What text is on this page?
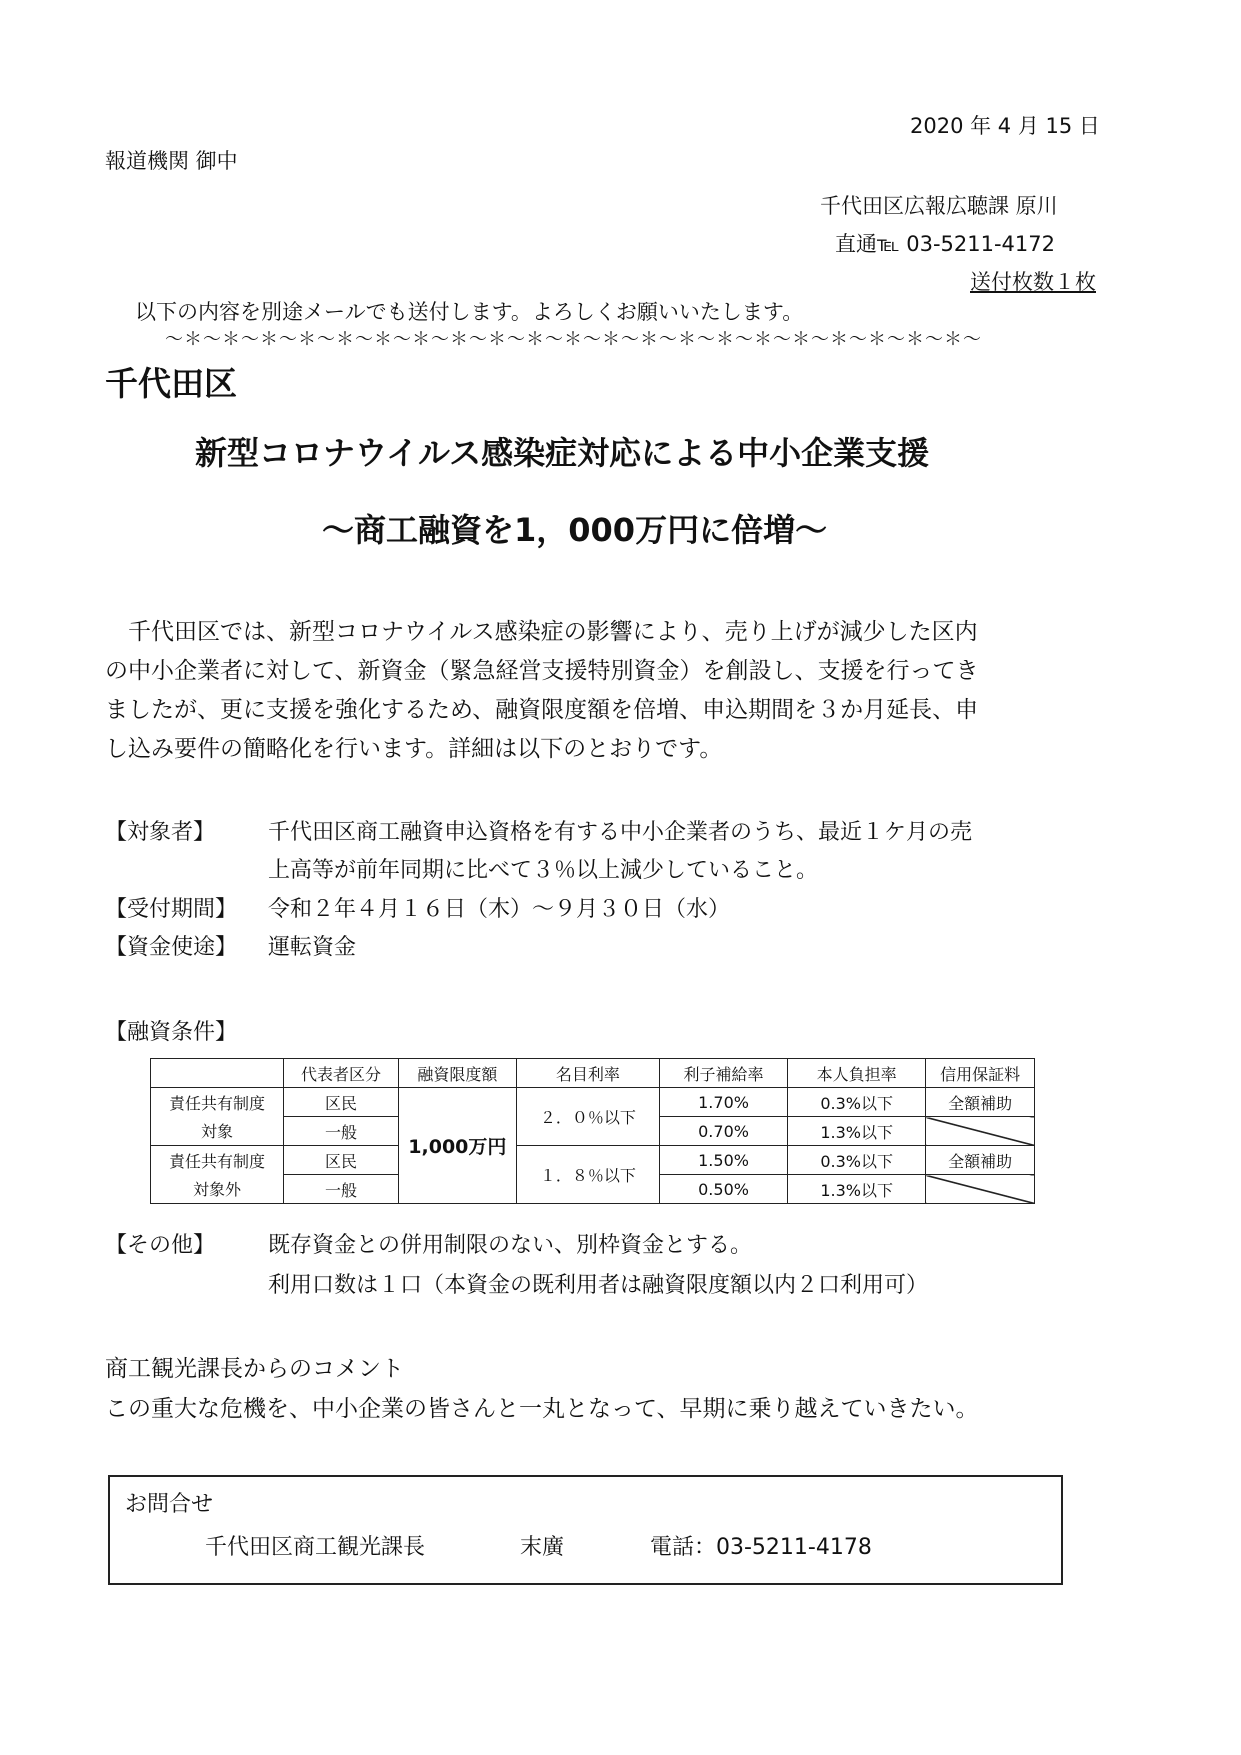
2020 年 4 月 15 日
報道機関 御中
千代田区広報広聴課 原川
直通℡ 03-5211-4172
送付枚数１枚
以下の内容を別途メールでも送付します。よろしくお願いいたします。
〜＊〜＊〜＊〜＊〜＊〜＊〜＊〜＊〜＊〜＊〜＊〜＊〜＊〜＊〜＊〜＊〜＊〜＊〜＊〜＊〜＊〜
千代田区
新型コロナウイルス感染症対応による中小企業支援
〜商工融資を1，000万円に倍増〜
　千代田区では、新型コロナウイルス感染症の影響により、売り上げが減少した区内
の中小企業者に対して、新資金（緊急経営支援特別資金）を創設し、支援を行ってき
ましたが、更に支援を強化するため、融資限度額を倍増、申込期間を３か月延長、申
し込み要件の簡略化を行います。詳細は以下のとおりです。
【対象者】 千代田区商工融資申込資格を有する中小企業者のうち、最近１ケ月の売
上高等が前年同期に比べて３％以上減少していること。
【受付期間】 令和２年４月１６日（木）〜９月３０日（水）
【資金使途】 運転資金
【融資条件】
	代表者区分	融資限度額	名目利率	利子補給率	本人負担率	信用保証料
責任共有制度	区民	1,000万円	２．０％以下	1.70%	0.3%以下	全額補助
対象	一般			0.70%	1.3%以下	
責任共有制度	区民		１．８％以下	1.50%	0.3%以下	全額補助
対象外	一般			0.50%	1.3%以下	
【その他】 既存資金との併用制限のない、別枠資金とする。
利用口数は１口（本資金の既利用者は融資限度額以内２口利用可）
商工観光課長からのコメント
この重大な危機を、中小企業の皆さんと一丸となって、早期に乗り越えていきたい。
お問合せ
千代田区商工観光課長	末廣	電話：03-5211-4178
